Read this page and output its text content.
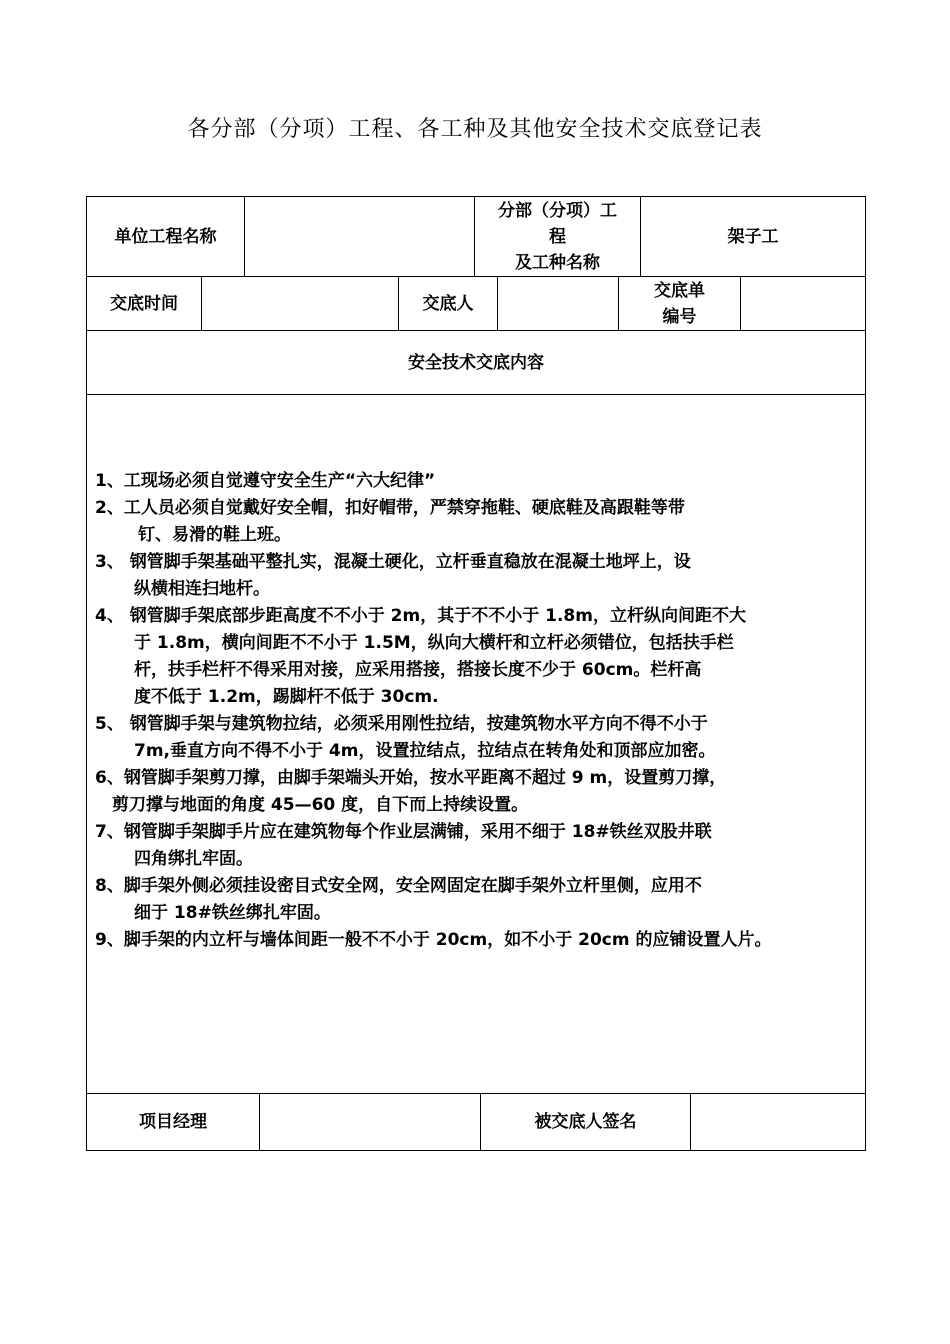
各分部（分项）工程、各工种及其他安全技术交底登记表
单位工程名称
分部（分项）工
程
及工种名称
架子工
交底时间	交底人
交底单
编号
安全技术交底内容
1、工现场必须自觉遵守安全生产“六大纪律”
2、工人员必须自觉戴好安全帽，扣好帽带，严禁穿拖鞋、硬底鞋及高跟鞋等带
钉、易滑的鞋上班。
3、 钢管脚手架基础平整扎实，混凝土硬化，立杆垂直稳放在混凝土地坪上，设
纵横相连扫地杆。
4、 钢管脚手架底部步距高度不不小于 2m，其于不不小于 1.8m，立杆纵向间距不大
于 1.8m，横向间距不不小于 1.5M，纵向大横杆和立杆必须错位，包括扶手栏
杆，扶手栏杆不得采用对接，应采用搭接，搭接长度不少于 60cm。栏杆高
度不低于 1.2m，踢脚杆不低于 30cm.
5、 钢管脚手架与建筑物拉结，必须采用刚性拉结，按建筑物水平方向不得不小于
7m,垂直方向不得不小于 4m，设置拉结点，拉结点在转角处和顶部应加密。
6、钢管脚手架剪刀撑，由脚手架端头开始，按水平距离不超过 9 m，设置剪刀撑，
剪刀撑与地面的角度 45—60 度，自下而上持续设置。
7、钢管脚手架脚手片应在建筑物每个作业层满铺，采用不细于 18#铁丝双股井联
四角绑扎牢固。
8、脚手架外侧必须挂设密目式安全网，安全网固定在脚手架外立杆里侧，应用不
细于 18#铁丝绑扎牢固。
9、脚手架的内立杆与墙体间距一般不不小于 20cm，如不小于 20cm 的应铺设置人片。
项目经理	被交底人签名
